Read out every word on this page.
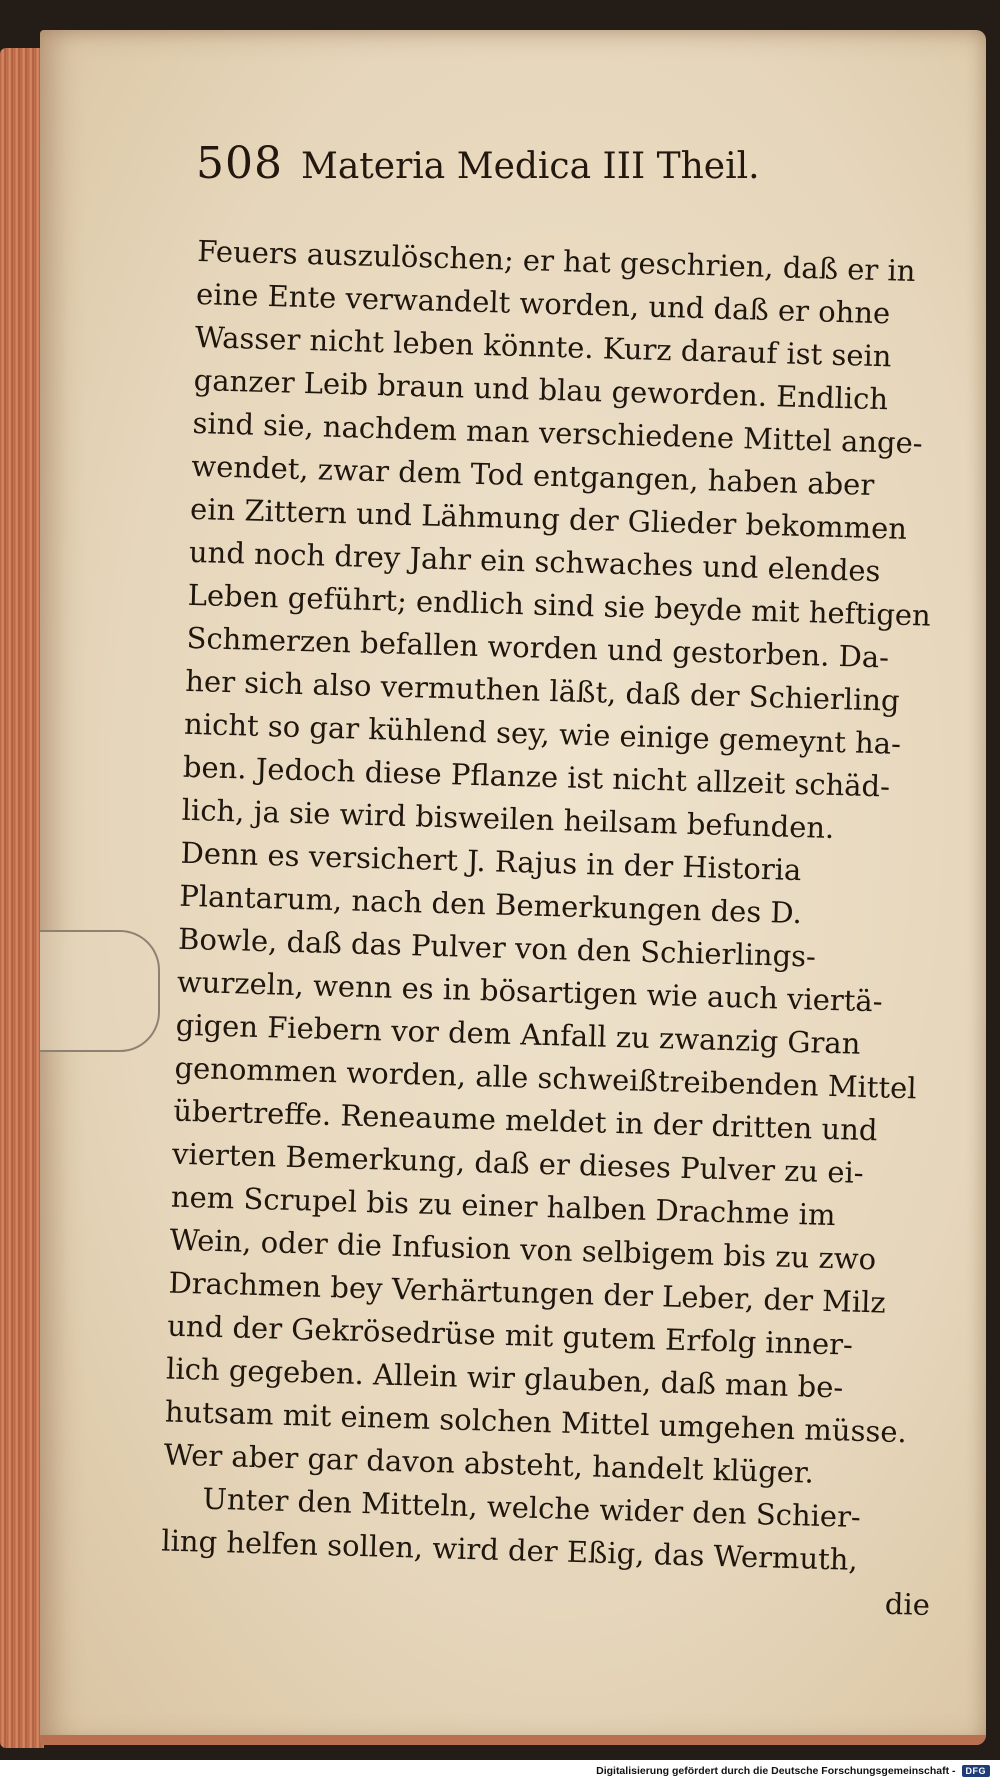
508 Materia Medica III Theil.
Feuers auszulöschen; er hat geschrien, daß er in
eine Ente verwandelt worden, und daß er ohne
Wasser nicht leben könnte. Kurz darauf ist sein
ganzer Leib braun und blau geworden. Endlich
sind sie, nachdem man verschiedene Mittel ange-
wendet, zwar dem Tod entgangen, haben aber
ein Zittern und Lähmung der Glieder bekommen
und noch drey Jahr ein schwaches und elendes
Leben geführt; endlich sind sie beyde mit heftigen
Schmerzen befallen worden und gestorben. Da-
her sich also vermuthen läßt, daß der Schierling
nicht so gar kühlend sey, wie einige gemeynt ha-
ben. Jedoch diese Pflanze ist nicht allzeit schäd-
lich, ja sie wird bisweilen heilsam befunden.
Denn es versichert J. Rajus in der Historia
Plantarum, nach den Bemerkungen des D.
Bowle, daß das Pulver von den Schierlings-
wurzeln, wenn es in bösartigen wie auch viertä-
gigen Fiebern vor dem Anfall zu zwanzig Gran
genommen worden, alle schweißtreibenden Mittel
übertreffe. Reneaume meldet in der dritten und
vierten Bemerkung, daß er dieses Pulver zu ei-
nem Scrupel bis zu einer halben Drachme im
Wein, oder die Infusion von selbigem bis zu zwo
Drachmen bey Verhärtungen der Leber, der Milz
und der Gekrösedrüse mit gutem Erfolg inner-
lich gegeben. Allein wir glauben, daß man be-
hutsam mit einem solchen Mittel umgehen müsse.
Wer aber gar davon absteht, handelt klüger.
Unter den Mitteln, welche wider den Schier-
ling helfen sollen, wird der Eßig, das Wermuth,
die
Digitalisierung gefördert durch die Deutsche Forschungsgemeinschaft -	DFG
